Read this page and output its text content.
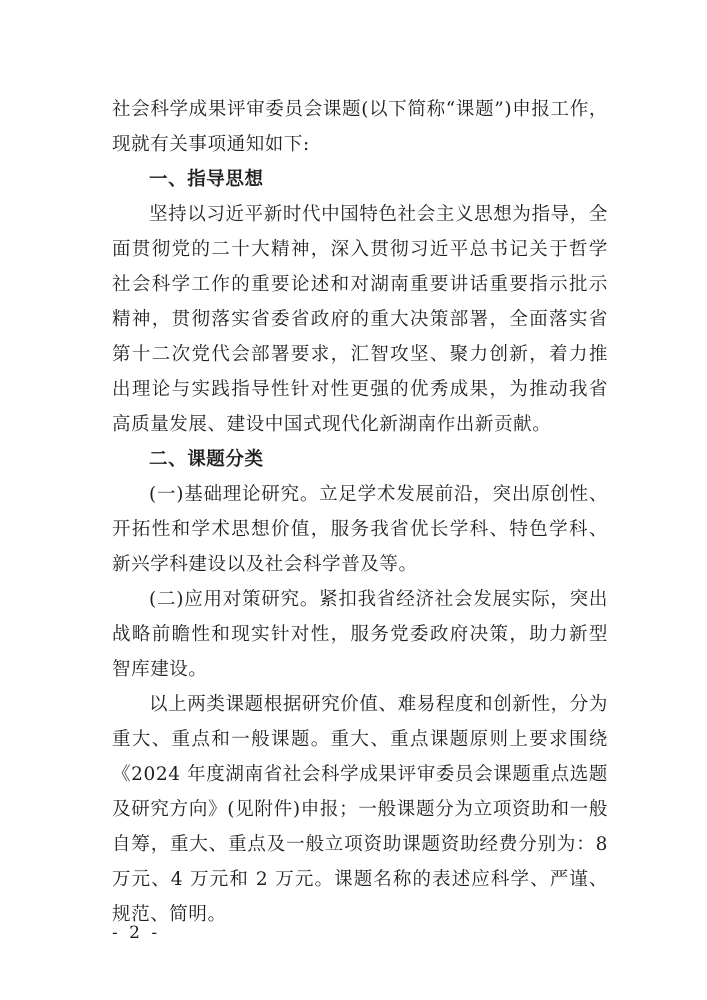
社会科学成果评审委员会课题(以下简称“课题”)申报工作，现就有关事项通知如下:

一、指导思想

坚持以习近平新时代中国特色社会主义思想为指导，全面贯彻党的二十大精神，深入贯彻习近平总书记关于哲学社会科学工作的重要论述和对湖南重要讲话重要指示批示精神，贯彻落实省委省政府的重大决策部署，全面落实省第十二次党代会部署要求，汇智攻坚、聚力创新，着力推出理论与实践指导性针对性更强的优秀成果，为推动我省高质量发展、建设中国式现代化新湖南作出新贡献。

二、课题分类

(一)基础理论研究。立足学术发展前沿，突出原创性、开拓性和学术思想价值，服务我省优长学科、特色学科、新兴学科建设以及社会科学普及等。

(二)应用对策研究。紧扣我省经济社会发展实际，突出战略前瞻性和现实针对性，服务党委政府决策，助力新型智库建设。

以上两类课题根据研究价值、难易程度和创新性，分为重大、重点和一般课题。重大、重点课题原则上要求围绕《2024 年度湖南省社会科学成果评审委员会课题重点选题及研究方向》(见附件)申报；一般课题分为立项资助和一般自筹，重大、重点及一般立项资助课题资助经费分别为：8 万元、4 万元和 2 万元。课题名称的表述应科学、严谨、规范、简明。

- 2 -
